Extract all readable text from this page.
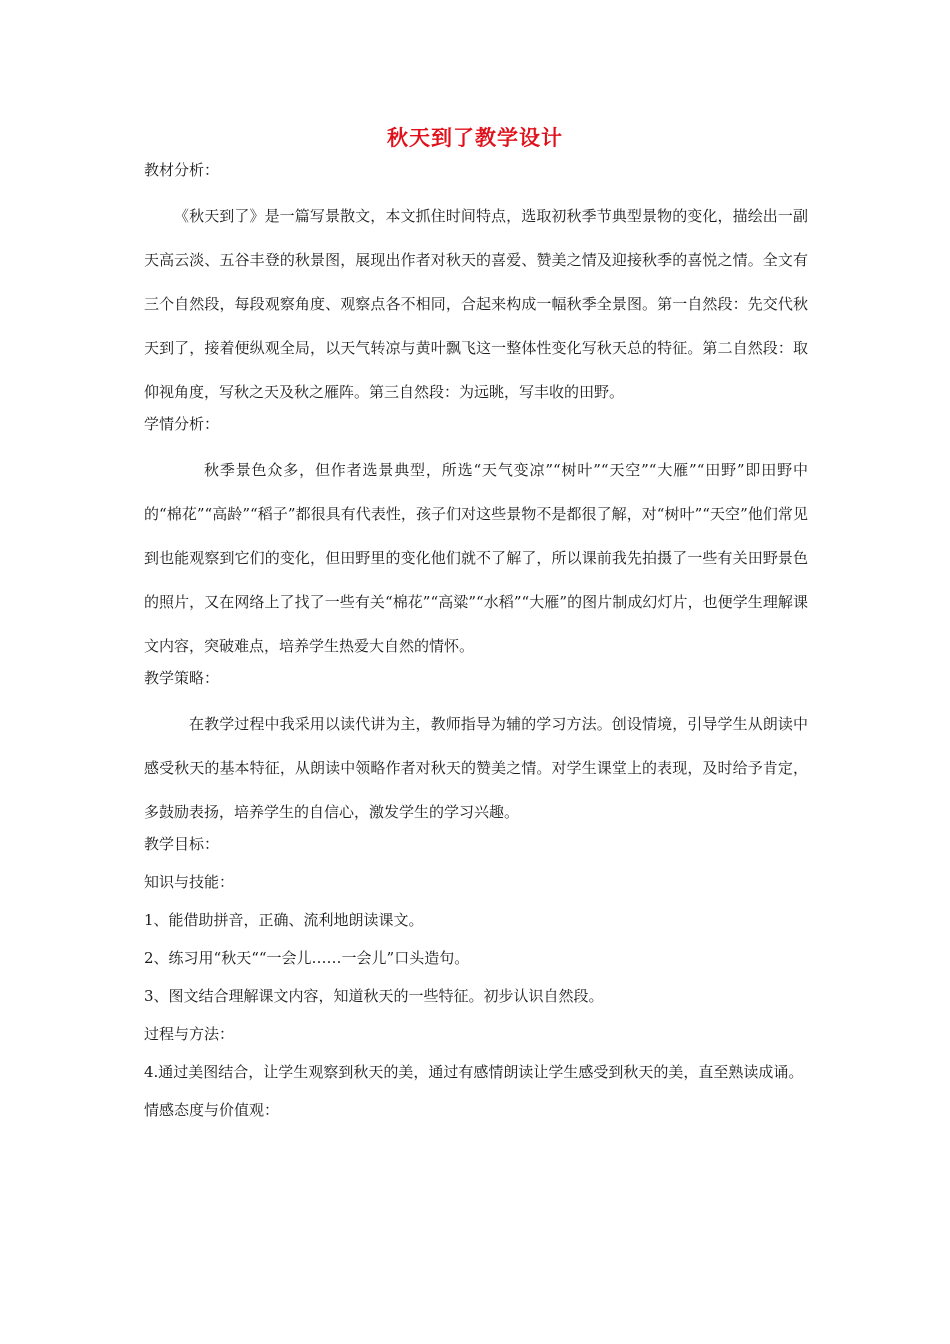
秋天到了教学设计

教材分析：

《秋天到了》是一篇写景散文，本文抓住时间特点，选取初秋季节典型景物的变化，描绘出一副天高云淡、五谷丰登的秋景图，展现出作者对秋天的喜爱、赞美之情及迎接秋季的喜悦之情。全文有三个自然段，每段观察角度、观察点各不相同，合起来构成一幅秋季全景图。第一自然段：先交代秋天到了，接着便纵观全局，以天气转凉与黄叶飘飞这一整体性变化写秋天总的特征。第二自然段：取仰视角度，写秋之天及秋之雁阵。第三自然段：为远眺，写丰收的田野。

学情分析：

秋季景色众多，但作者选景典型，所选“天气变凉”“树叶”“天空”“大雁”“田野”即田野中的“棉花”“高龄”“稻子”都很具有代表性，孩子们对这些景物不是都很了解，对“树叶”“天空”他们常见到也能观察到它们的变化，但田野里的变化他们就不了解了，所以课前我先拍摄了一些有关田野景色的照片，又在网络上了找了一些有关“棉花”“高粱”“水稻”“大雁”的图片制成幻灯片，也便学生理解课文内容，突破难点，培养学生热爱大自然的情怀。

教学策略：

在教学过程中我采用以读代讲为主，教师指导为辅的学习方法。创设情境，引导学生从朗读中感受秋天的基本特征，从朗读中领略作者对秋天的赞美之情。对学生课堂上的表现，及时给予肯定，多鼓励表扬，培养学生的自信心，激发学生的学习兴趣。

教学目标：

知识与技能：

1、能借助拼音，正确、流利地朗读课文。

2、练习用“秋天““一会儿……一会儿”口头造句。

3、图文结合理解课文内容，知道秋天的一些特征。初步认识自然段。

过程与方法：

4.通过美图结合，让学生观察到秋天的美，通过有感情朗读让学生感受到秋天的美，直至熟读成诵。

情感态度与价值观：
